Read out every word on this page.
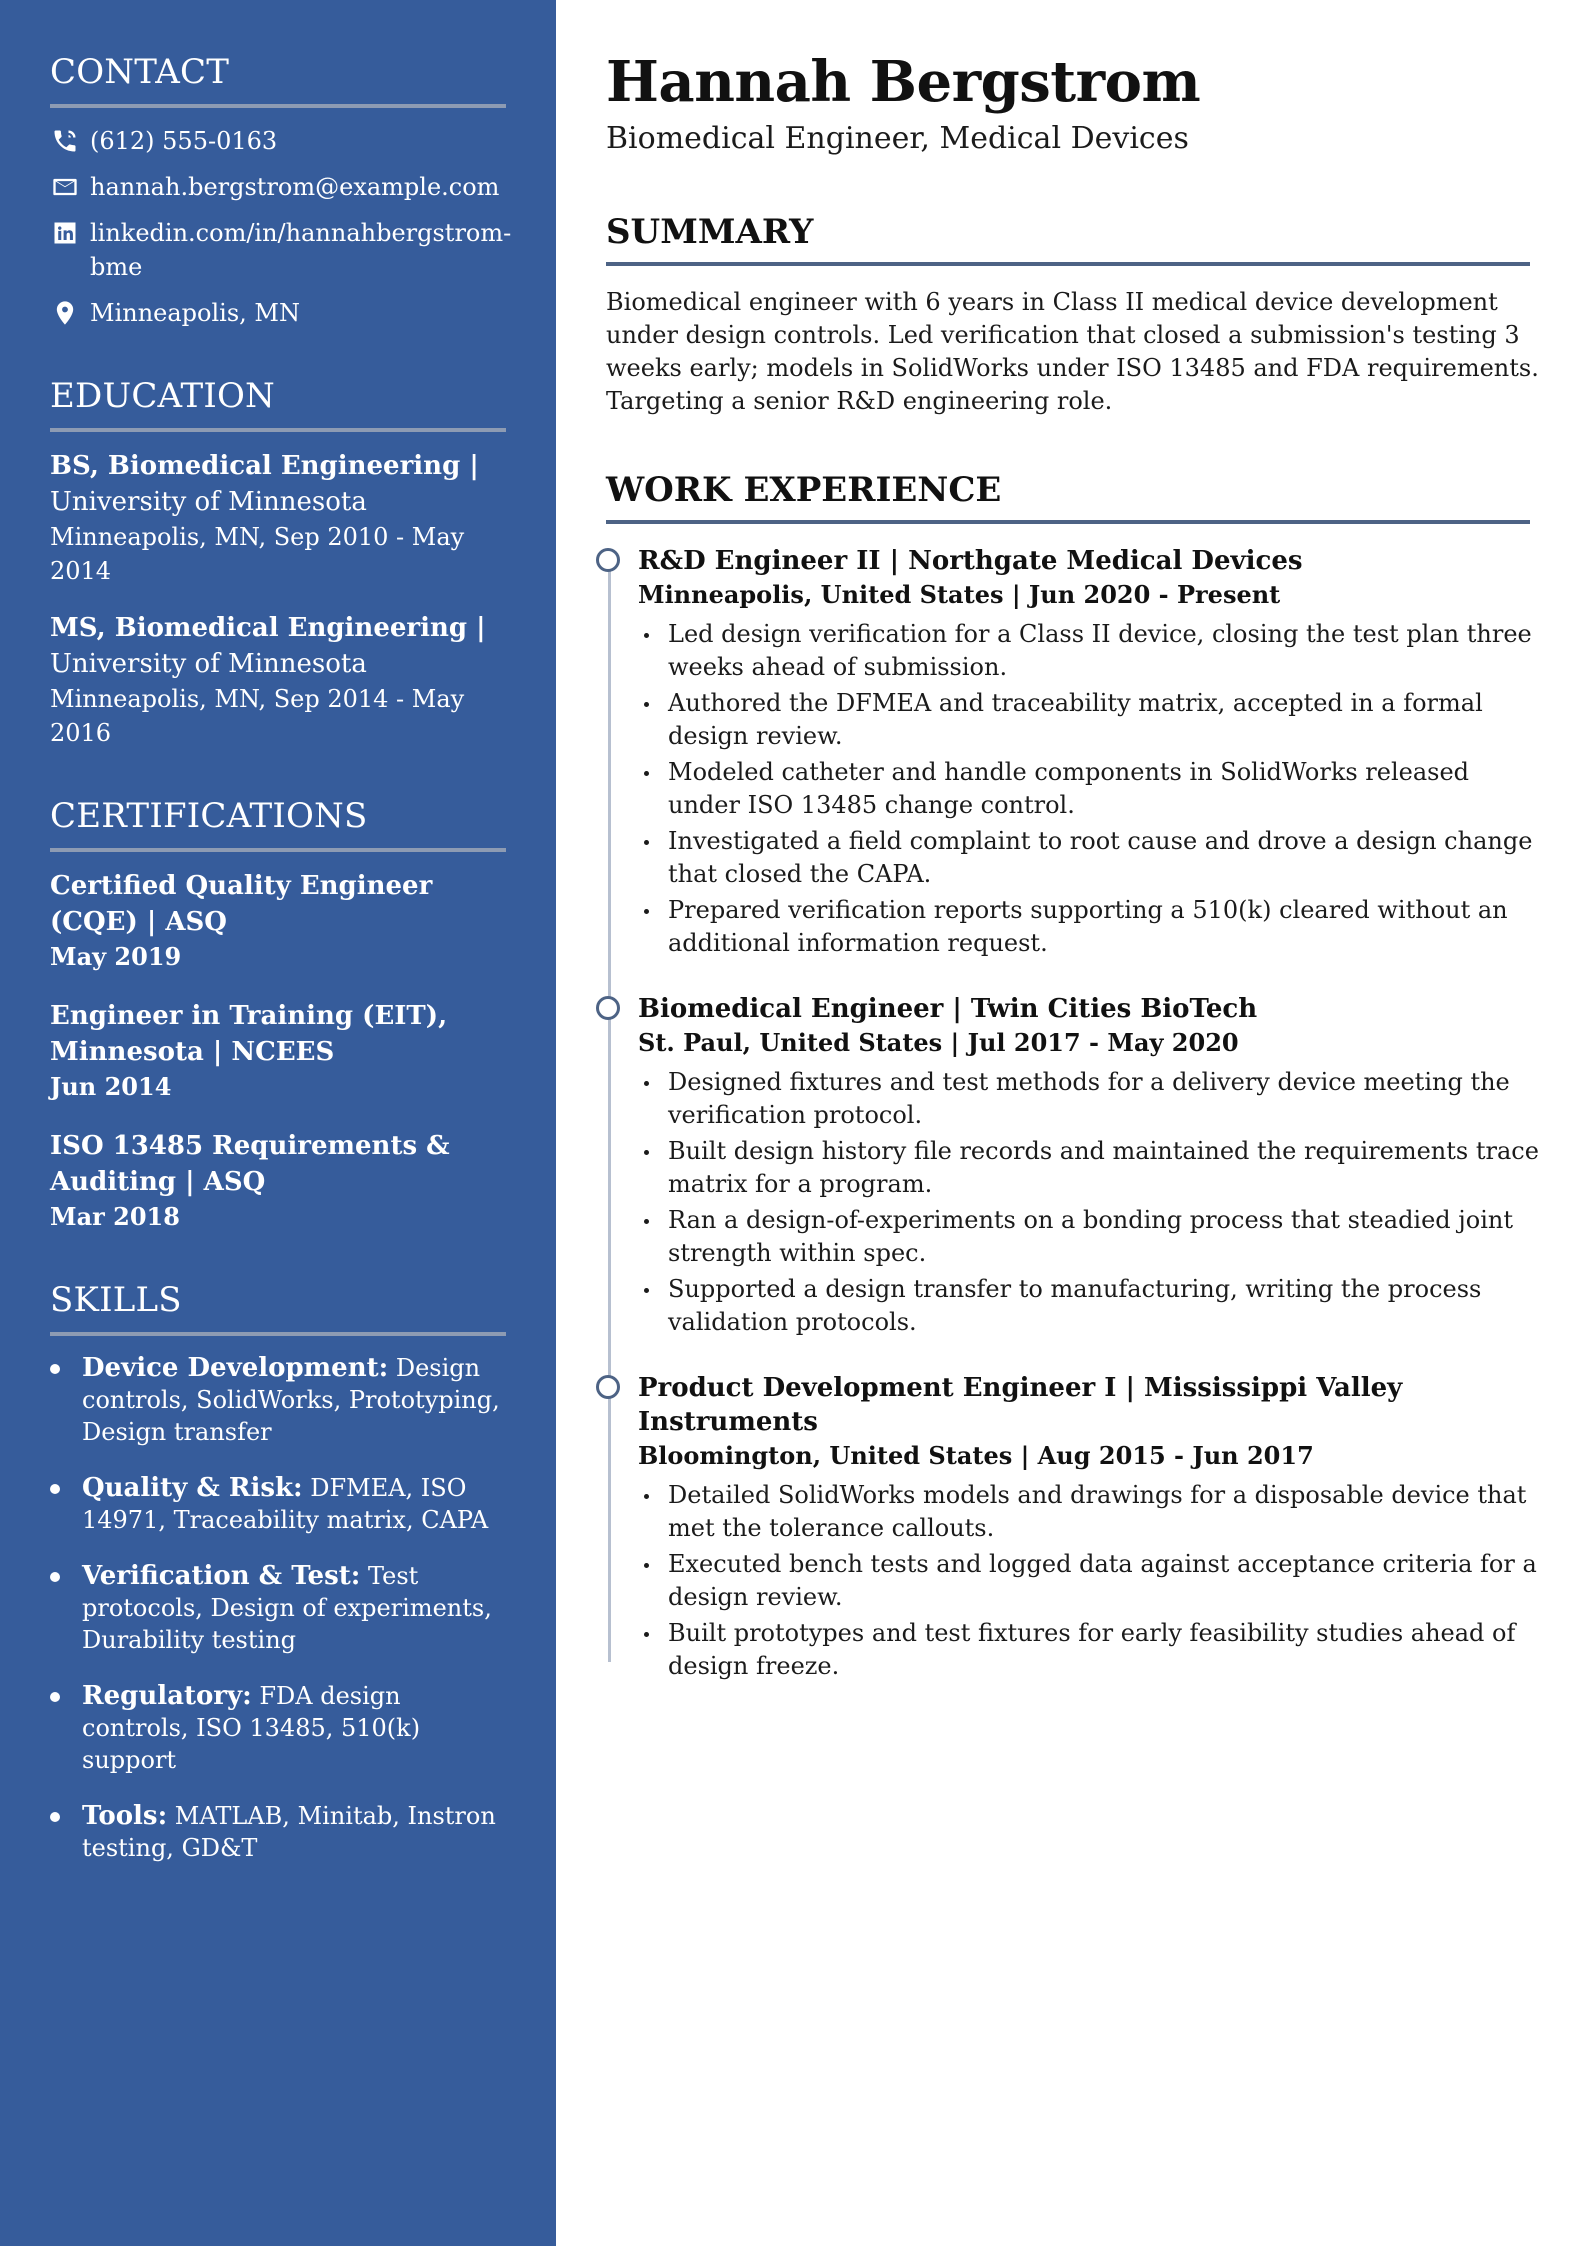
CONTACT
(612) 555-0163
hannah.bergstrom@example.com
linkedin.com/in/hannahbergstrom-bme
Minneapolis, MN
EDUCATION
BS, Biomedical Engineering |
University of Minnesota
Minneapolis, MN, Sep 2010 - May 2014
MS, Biomedical Engineering |
University of Minnesota
Minneapolis, MN, Sep 2014 - May 2016
CERTIFICATIONS
Certified Quality Engineer (CQE) | ASQ
May 2019
Engineer in Training (EIT), Minnesota | NCEES
Jun 2014
ISO 13485 Requirements & Auditing | ASQ
Mar 2018
SKILLS
Device Development: Design controls, SolidWorks, Prototyping, Design transfer
Quality & Risk: DFMEA, ISO 14971, Traceability matrix, CAPA
Verification & Test: Test protocols, Design of experiments, Durability testing
Regulatory: FDA design controls, ISO 13485, 510(k) support
Tools: MATLAB, Minitab, Instron testing, GD&T
Hannah Bergstrom
Biomedical Engineer, Medical Devices
SUMMARY

Biomedical engineer with 6 years in Class II medical device development under design controls. Led verification that closed a submission's testing 3 weeks early; models in SolidWorks under ISO 13485 and FDA requirements. Targeting a senior R&D engineering role.

WORK EXPERIENCE
R&D Engineer II | Northgate Medical Devices
Minneapolis, United States | Jun 2020 - Present
Led design verification for a Class II device, closing the test plan three weeks ahead of submission.
Authored the DFMEA and traceability matrix, accepted in a formal design review.
Modeled catheter and handle components in SolidWorks released under ISO 13485 change control.
Investigated a field complaint to root cause and drove a design change that closed the CAPA.
Prepared verification reports supporting a 510(k) cleared without an additional information request.
Biomedical Engineer | Twin Cities BioTech
St. Paul, United States | Jul 2017 - May 2020
Designed fixtures and test methods for a delivery device meeting the verification protocol.
Built design history file records and maintained the requirements trace matrix for a program.
Ran a design-of-experiments on a bonding process that steadied joint strength within spec.
Supported a design transfer to manufacturing, writing the process validation protocols.
Product Development Engineer I | Mississippi Valley Instruments
Bloomington, United States | Aug 2015 - Jun 2017
Detailed SolidWorks models and drawings for a disposable device that met the tolerance callouts.
Executed bench tests and logged data against acceptance criteria for a design review.
Built prototypes and test fixtures for early feasibility studies ahead of design freeze.
